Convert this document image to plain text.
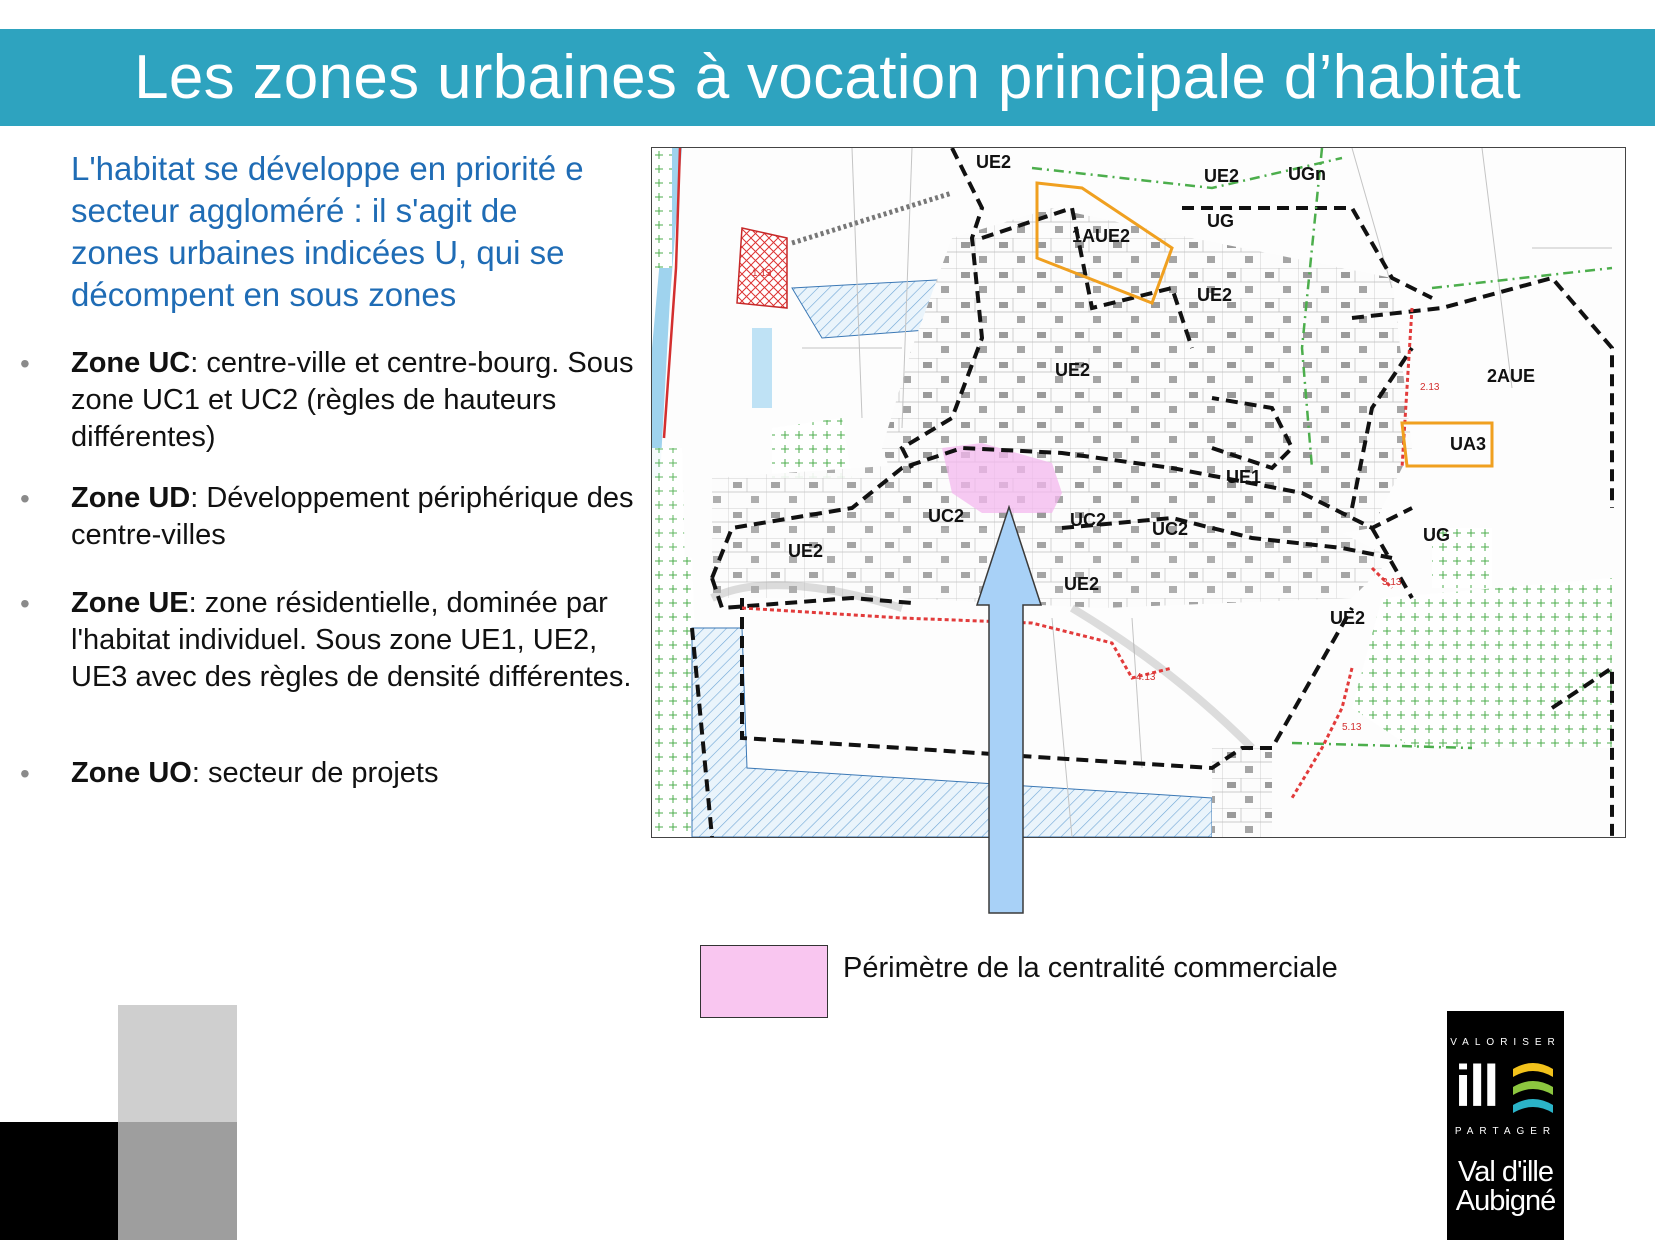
Les zones urbaines à vocation principale d’habitat
L'habitat se développe en priorité e
secteur aggloméré : il s'agit de
zones urbaines indicées U, qui se
décompent en sous zones
• Zone UC: centre-ville et centre-bourg. Sous zone UC1 et UC2 (règles de hauteurs différentes)
• Zone UD: Développement périphérique des centre-villes
• Zone UE: zone résidentielle, dominée par l'habitat individuel. Sous zone UE1, UE2, UE3 avec des règles de densité différentes.
• Zone UO: secteur de projets
UE2
UE2	UGn
UG
1AUE2
UE2
UE2	2AUE
UA3
UE1
UC2	UC2	UC2	UG
UE2
UE2
UE2
1.13
2.13
3.13
5.13
4.13
Périmètre de la centralité commerciale
VALORISER
ill
PARTAGER
Val d'ille
Aubigné
